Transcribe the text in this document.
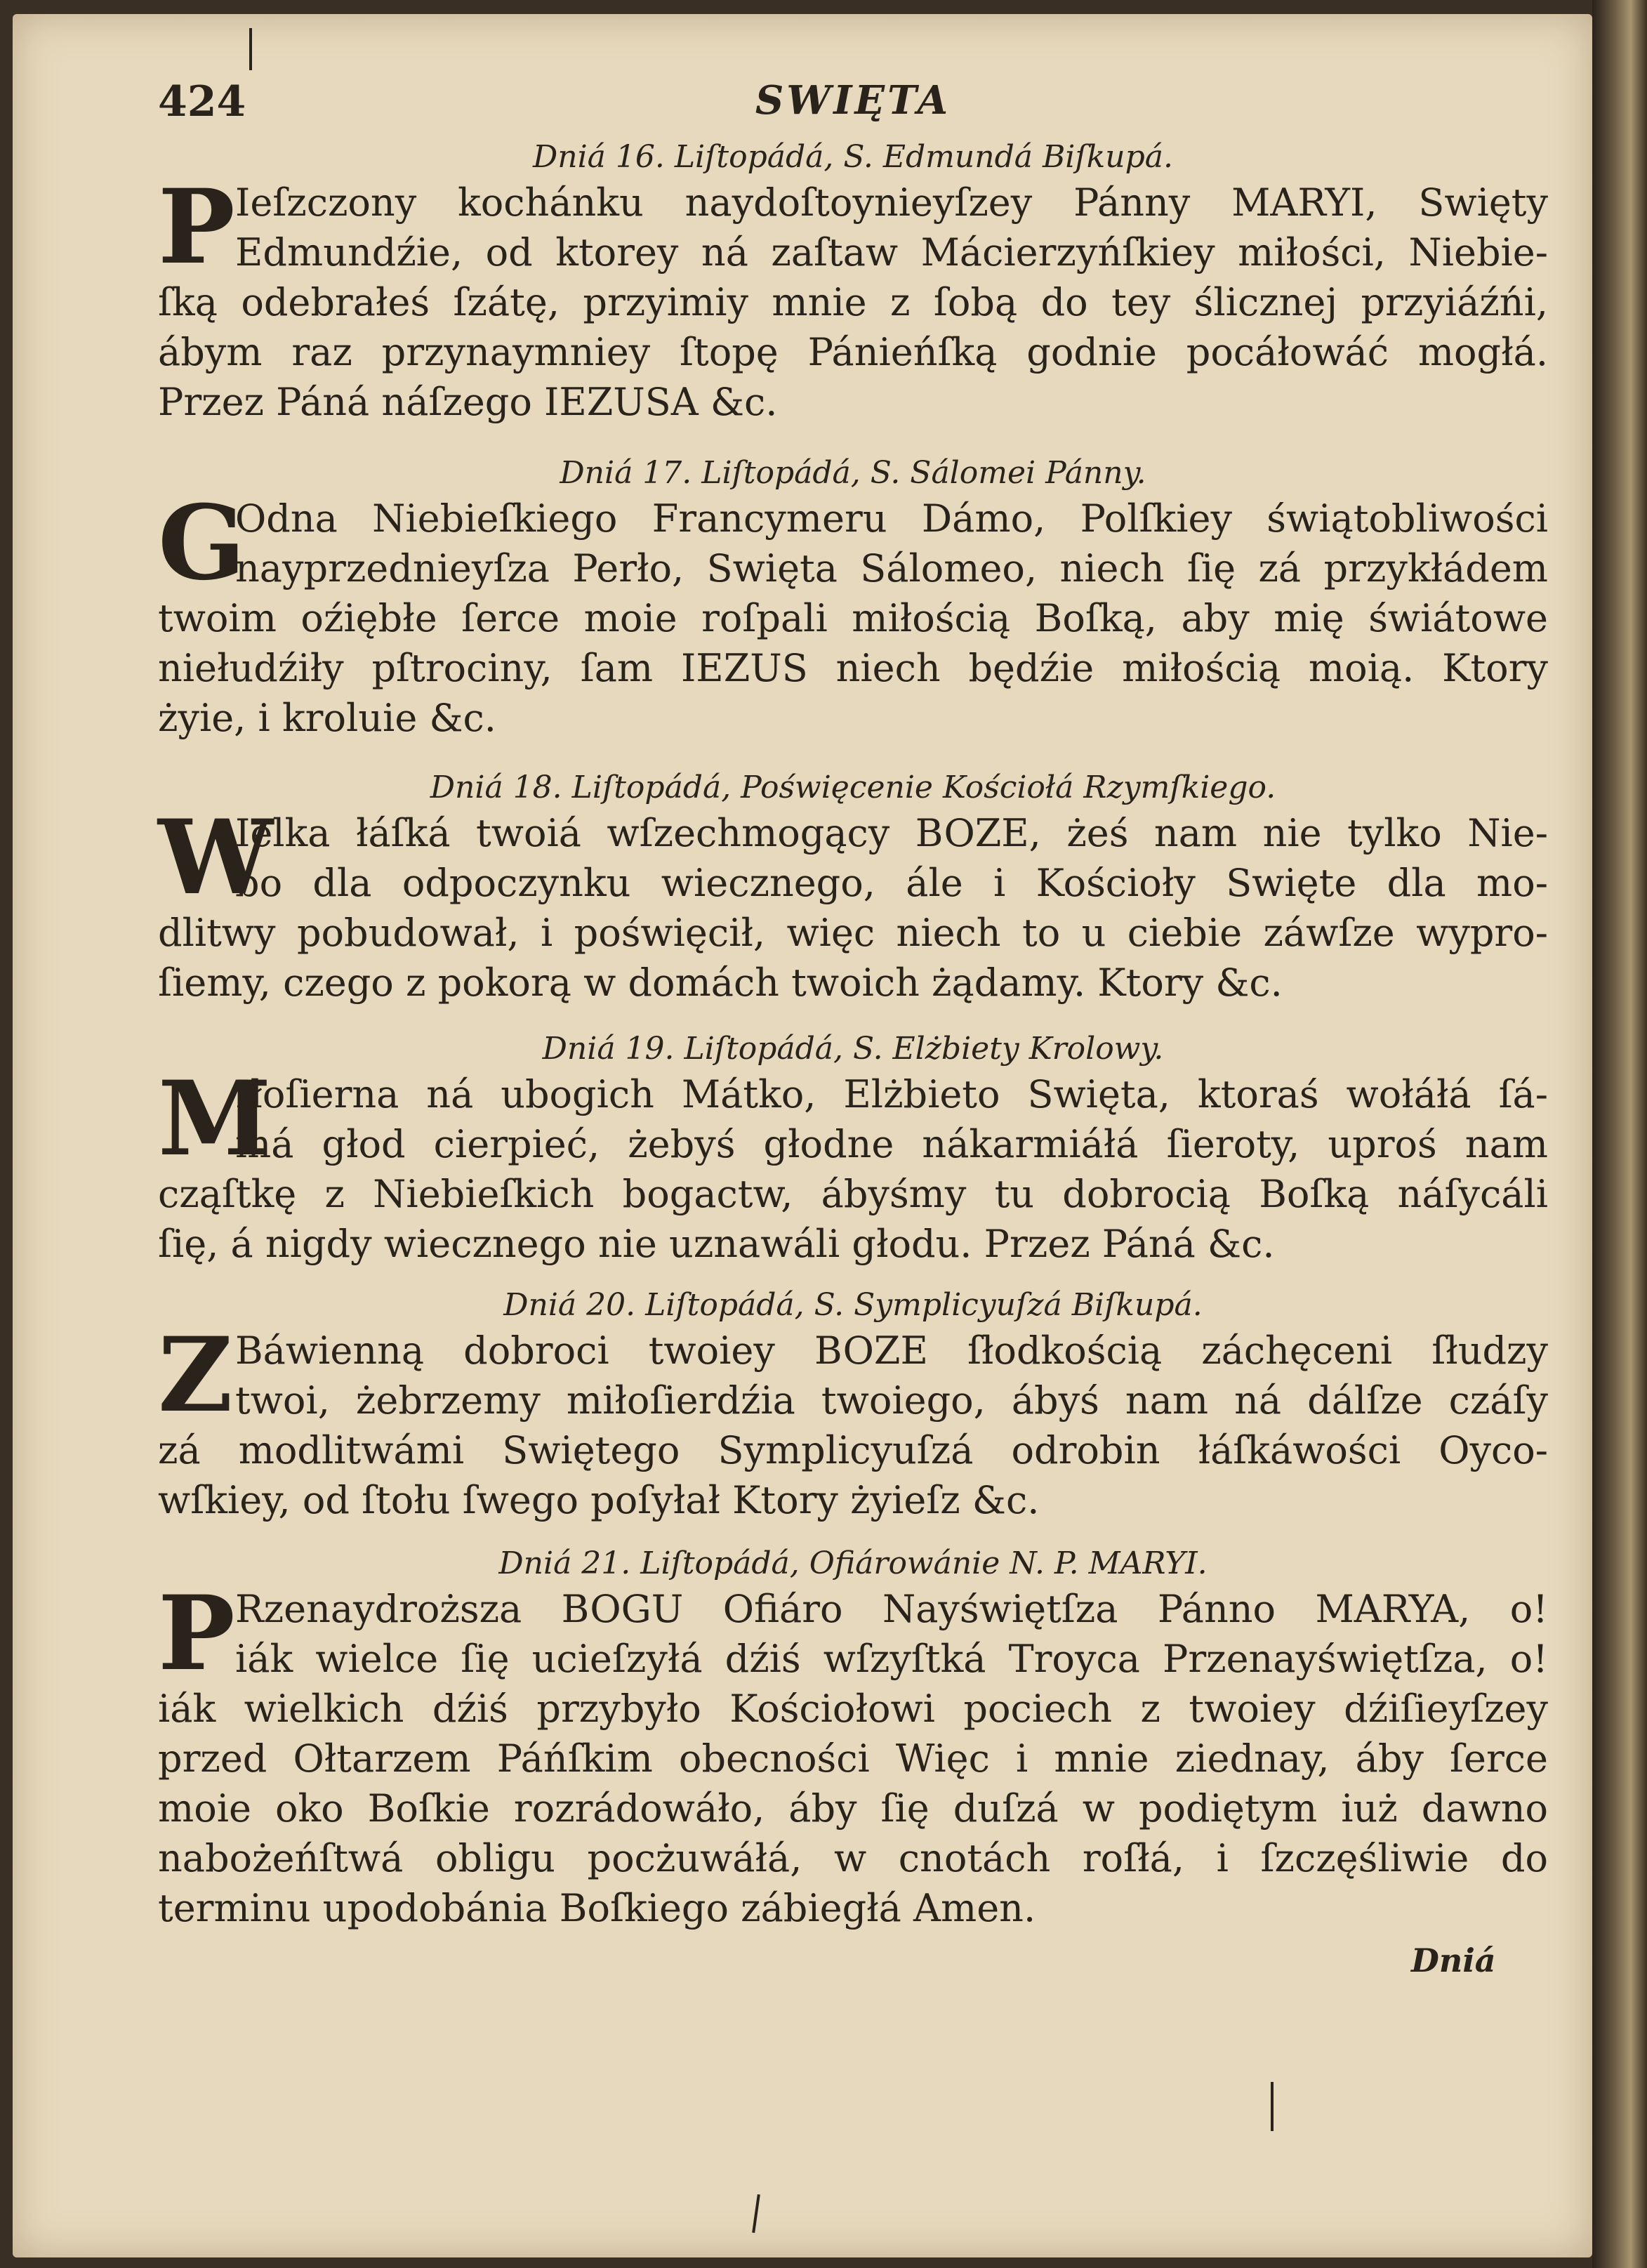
424	SWIĘTA
Dniá 16. Liſtopádá, S. Edmundá Biſkupá.
P Ieſzczony kochánku naydoſtoynieyſzey Pánny MARYI, Swięty
Edmundźie, od ktorey ná zaſtaw Mácierzyńſkiey miłości, Niebie-
ſką odebrałeś ſzátę, przyimiy mnie z ſobą do tey ślicznej przyiáźńi,
ábym raz przynaymniey ſtopę Pánieńſką godnie pocáłowáć mogłá.
Przez Páná náſzego IEZUSA &c.
Dniá 17. Liſtopádá, S. Sálomei Pánny.
G
Odna Niebieſkiego Francymeru Dámo, Polſkiey świątobliwości
nayprzednieyſza Perło, Swięta Sálomeo, niech ſię zá przykłádem
twoim oźiębłe ſerce moie roſpali miłością Boſką, aby mię świátowe
niełudźiły pſtrociny, ſam IEZUS niech będźie miłością moią. Ktory
żyie, i kroluie &c.
Dniá 18. Liſtopádá, Poświęcenie Kościołá Rzymſkiego.
W
Ielka łáſká twoiá wſzechmogący BOZE, żeś nam nie tylko Nie-
bo dla odpoczynku wiecznego, ále i Kościoły Swięte dla mo-
dlitwy pobudował, i poświęcił, więc niech to u ciebie záwſze wypro-
ſiemy, czego z pokorą w domách twoich żądamy. Ktory &c.
Dniá 19. Liſtopádá, S. Elżbiety Krolowy.
M
Iłoſierna ná ubogich Mátko, Elżbieto Swięta, ktoraś wołáłá ſá-
má głod cierpieć, żebyś głodne nákarmiáłá ſieroty, uproś nam
cząſtkę z Niebieſkich bogactw, ábyśmy tu dobrocią Boſką náſycáli
ſię, á nigdy wiecznego nie uznawáli głodu. Przez Páná &c.
Dniá 20. Liſtopádá, S. Symplicyuſzá Biſkupá.
Z Báwienną dobroci twoiey BOZE ſłodkością záchęceni ſłudzy
twoi, żebrzemy miłoſierdźia twoiego, ábyś nam ná dálſze czáſy
zá modlitwámi Swiętego Symplicyuſzá odrobin łáſkáwości Oyco-
wſkiey, od ſtołu ſwego poſyłał Ktory żyieſz &c.
Dniá 21. Liſtopádá, Ofiárowánie N. P. MARYI.
P Rzenaydroższa BOGU Ofiáro Nayświętſza Pánno MARYA, o!
iák wielce ſię ucieſzyłá dźiś wſzyſtká Troyca Przenayświętſza, o!
iák wielkich dźiś przybyło Kościołowi pociech z twoiey dźiſieyſzey
przed Ołtarzem Páńſkim obecności Więc i mnie ziednay, áby ſerce
moie oko Boſkie rozrádowáło, áby ſię duſzá w podiętym iuż dawno
nabożeńſtwá obligu pocżuwáłá, w cnotách roſłá, i ſzczęśliwie do
terminu upodobánia Boſkiego zábiegłá Amen.
Dniá
